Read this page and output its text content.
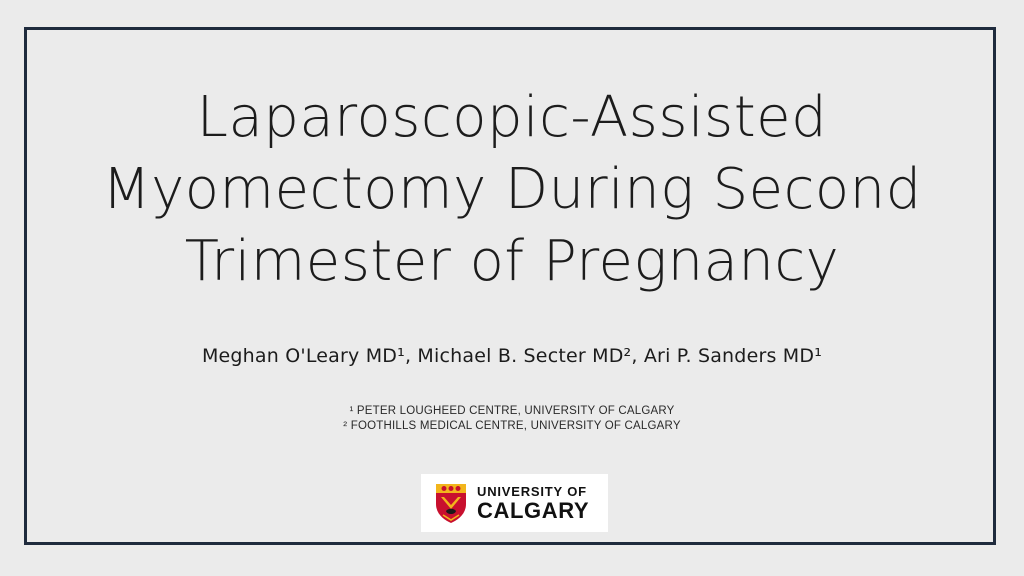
Laparoscopic-Assisted
Myomectomy During Second
Trimester of Pregnancy
Meghan O'Leary MD¹, Michael B. Secter MD², Ari P. Sanders MD¹
¹ PETER LOUGHEED CENTRE, UNIVERSITY OF CALGARY
² FOOTHILLS MEDICAL CENTRE, UNIVERSITY OF CALGARY
UNIVERSITY OF
CALGARY
